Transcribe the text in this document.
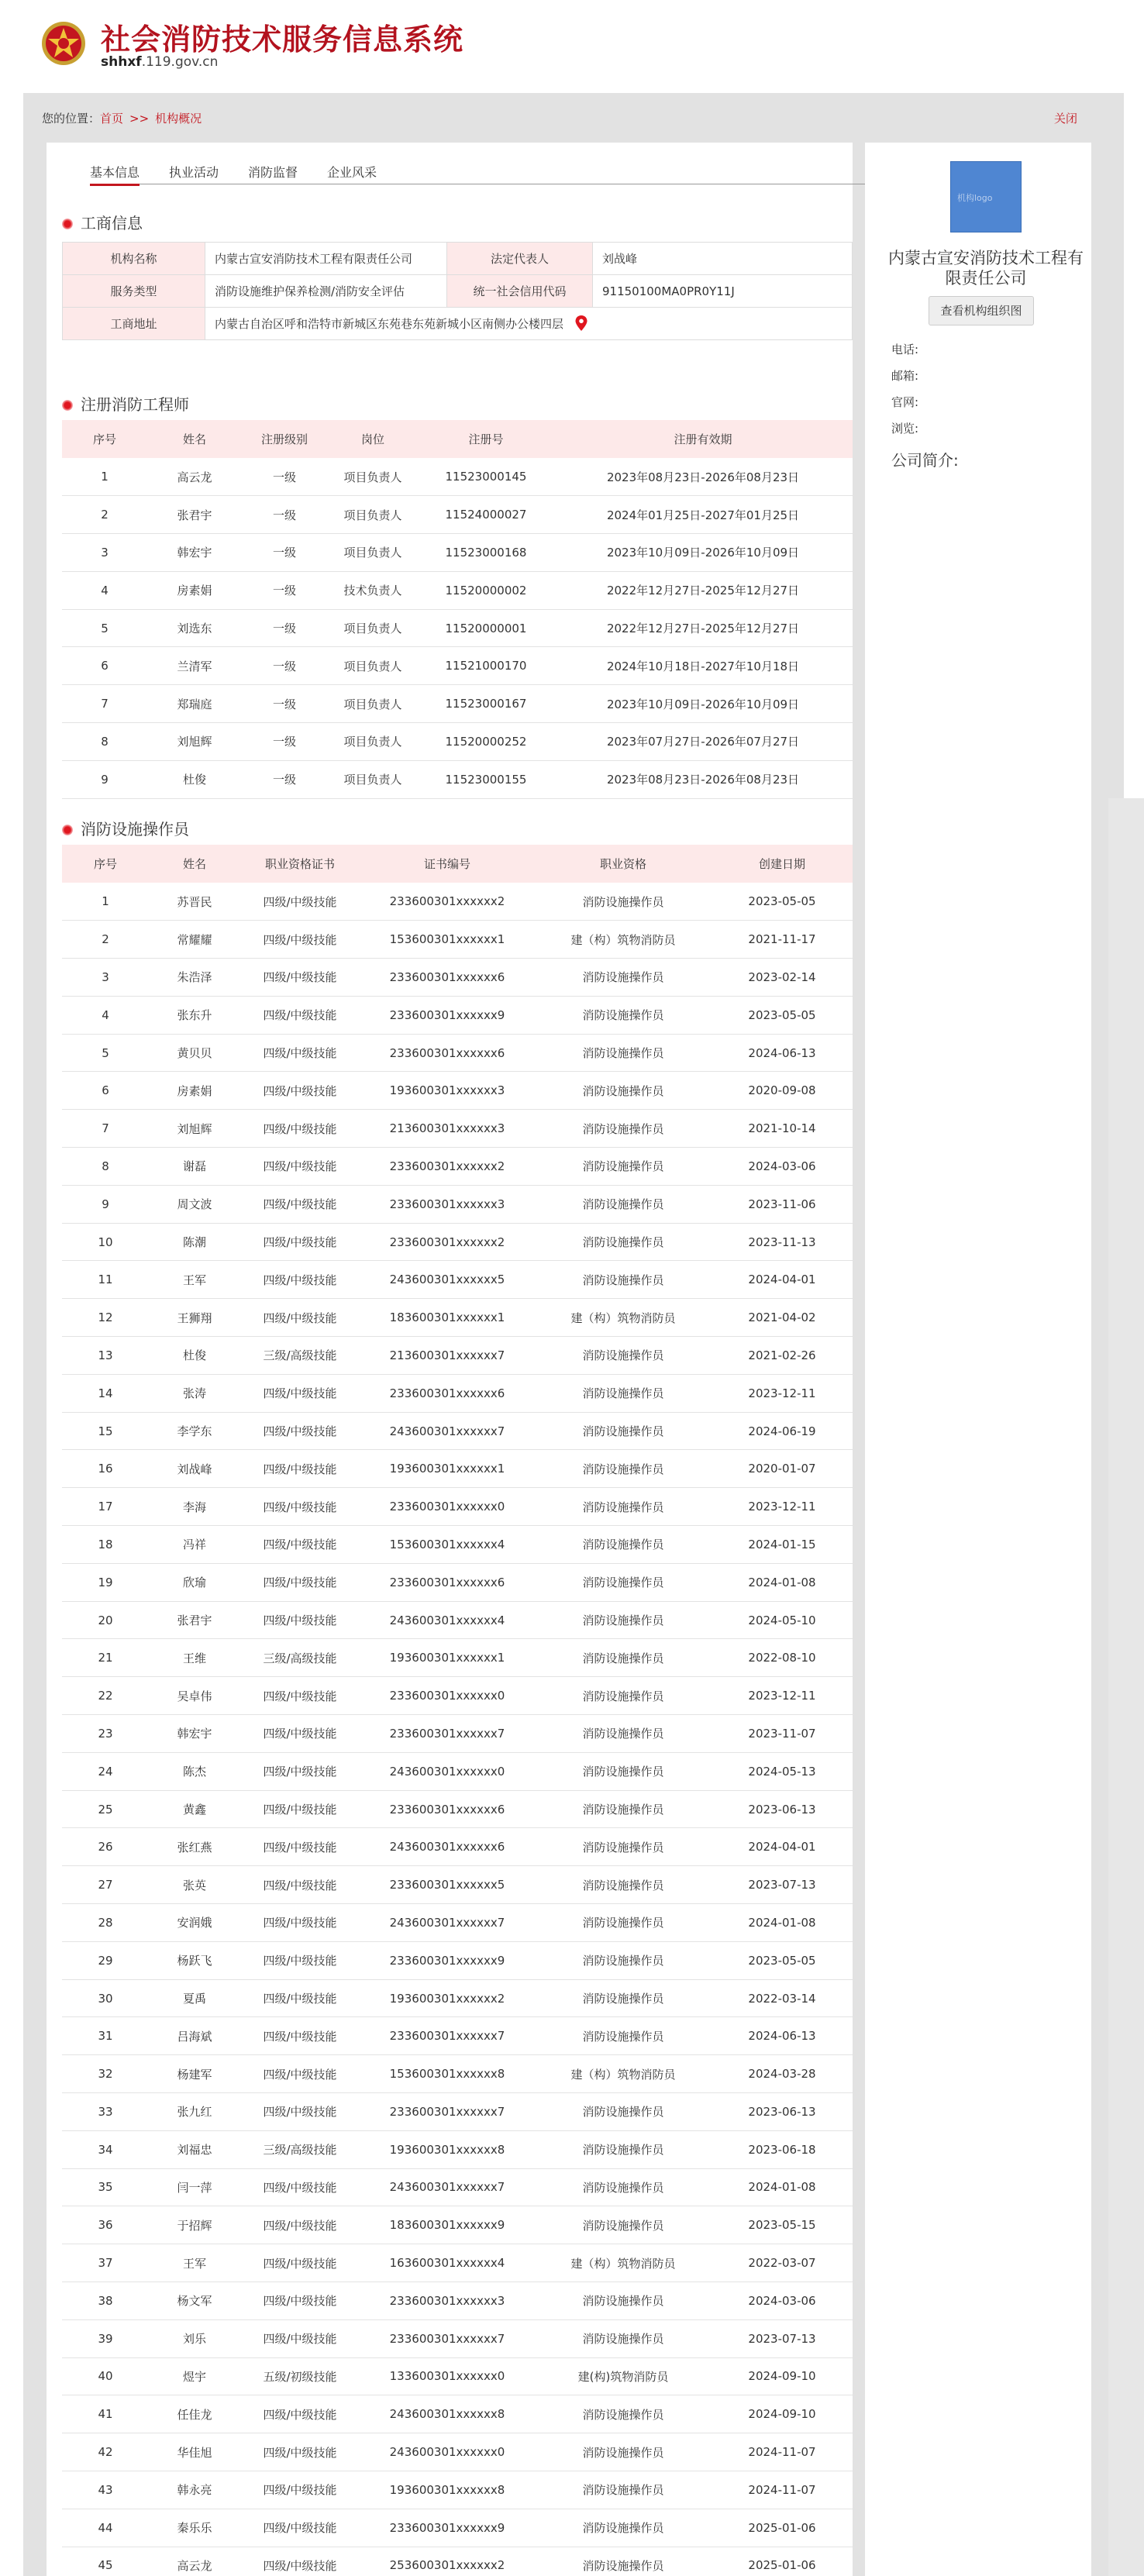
社会消防技术服务信息系统
shhxf.119.gov.cn
您的位置：首页 >> 机构概况	关闭
基本信息 执业活动 消防监督 企业风采
工商信息
机构名称	内蒙古宣安消防技术工程有限责任公司	法定代表人	刘战峰
服务类型	消防设施维护保养检测/消防安全评估	统一社会信用代码	91150100MA0PR0Y11J
工商地址	内蒙古自治区呼和浩特市新城区东苑巷东苑新城小区南侧办公楼四层		
注册消防工程师
序号	姓名	注册级别	岗位	注册号	注册有效期
1	高云龙	一级	项目负责人	11523000145	2023年08月23日-2026年08月23日
2	张君宇	一级	项目负责人	11524000027	2024年01月25日-2027年01月25日
3	韩宏宇	一级	项目负责人	11523000168	2023年10月09日-2026年10月09日
4	房素娟	一级	技术负责人	11520000002	2022年12月27日-2025年12月27日
5	刘选东	一级	项目负责人	11520000001	2022年12月27日-2025年12月27日
6	兰清军	一级	项目负责人	11521000170	2024年10月18日-2027年10月18日
7	郑瑞庭	一级	项目负责人	11523000167	2023年10月09日-2026年10月09日
8	刘旭辉	一级	项目负责人	11520000252	2023年07月27日-2026年07月27日
9	杜俊	一级	项目负责人	11523000155	2023年08月23日-2026年08月23日
消防设施操作员
序号	姓名	职业资格证书	证书编号	职业资格	创建日期
1	苏晋民	四级/中级技能	233600301xxxxxx2	消防设施操作员	2023-05-05
2	常耀耀	四级/中级技能	153600301xxxxxx1	建（构）筑物消防员	2021-11-17
3	朱浩泽	四级/中级技能	233600301xxxxxx6	消防设施操作员	2023-02-14
4	张东升	四级/中级技能	233600301xxxxxx9	消防设施操作员	2023-05-05
5	黄贝贝	四级/中级技能	233600301xxxxxx6	消防设施操作员	2024-06-13
6	房素娟	四级/中级技能	193600301xxxxxx3	消防设施操作员	2020-09-08
7	刘旭辉	四级/中级技能	213600301xxxxxx3	消防设施操作员	2021-10-14
8	谢磊	四级/中级技能	233600301xxxxxx2	消防设施操作员	2024-03-06
9	周文波	四级/中级技能	233600301xxxxxx3	消防设施操作员	2023-11-06
10	陈潮	四级/中级技能	233600301xxxxxx2	消防设施操作员	2023-11-13
11	王军	四级/中级技能	243600301xxxxxx5	消防设施操作员	2024-04-01
12	王狮翔	四级/中级技能	183600301xxxxxx1	建（构）筑物消防员	2021-04-02
13	杜俊	三级/高级技能	213600301xxxxxx7	消防设施操作员	2021-02-26
14	张涛	四级/中级技能	233600301xxxxxx6	消防设施操作员	2023-12-11
15	李学东	四级/中级技能	243600301xxxxxx7	消防设施操作员	2024-06-19
16	刘战峰	四级/中级技能	193600301xxxxxx1	消防设施操作员	2020-01-07
17	李海	四级/中级技能	233600301xxxxxx0	消防设施操作员	2023-12-11
18	冯祥	四级/中级技能	153600301xxxxxx4	消防设施操作员	2024-01-15
19	欣瑜	四级/中级技能	233600301xxxxxx6	消防设施操作员	2024-01-08
20	张君宇	四级/中级技能	243600301xxxxxx4	消防设施操作员	2024-05-10
21	王维	三级/高级技能	193600301xxxxxx1	消防设施操作员	2022-08-10
22	吴卓伟	四级/中级技能	233600301xxxxxx0	消防设施操作员	2023-12-11
23	韩宏宇	四级/中级技能	233600301xxxxxx7	消防设施操作员	2023-11-07
24	陈杰	四级/中级技能	243600301xxxxxx0	消防设施操作员	2024-05-13
25	黄鑫	四级/中级技能	233600301xxxxxx6	消防设施操作员	2023-06-13
26	张红燕	四级/中级技能	243600301xxxxxx6	消防设施操作员	2024-04-01
27	张英	四级/中级技能	233600301xxxxxx5	消防设施操作员	2023-07-13
28	安润娥	四级/中级技能	243600301xxxxxx7	消防设施操作员	2024-01-08
29	杨跃飞	四级/中级技能	233600301xxxxxx9	消防设施操作员	2023-05-05
30	夏禹	四级/中级技能	193600301xxxxxx2	消防设施操作员	2022-03-14
31	吕海斌	四级/中级技能	233600301xxxxxx7	消防设施操作员	2024-06-13
32	杨建军	四级/中级技能	153600301xxxxxx8	建（构）筑物消防员	2024-03-28
33	张九红	四级/中级技能	233600301xxxxxx7	消防设施操作员	2023-06-13
34	刘福忠	三级/高级技能	193600301xxxxxx8	消防设施操作员	2023-06-18
35	闫一萍	四级/中级技能	243600301xxxxxx7	消防设施操作员	2024-01-08
36	于招辉	四级/中级技能	183600301xxxxxx9	消防设施操作员	2023-05-15
37	王军	四级/中级技能	163600301xxxxxx4	建（构）筑物消防员	2022-03-07
38	杨文军	四级/中级技能	233600301xxxxxx3	消防设施操作员	2024-03-06
39	刘乐	四级/中级技能	233600301xxxxxx7	消防设施操作员	2023-07-13
40	煜宇	五级/初级技能	133600301xxxxxx0	建(构)筑物消防员	2024-09-10
41	任佳龙	四级/中级技能	243600301xxxxxx8	消防设施操作员	2024-09-10
42	华佳旭	四级/中级技能	243600301xxxxxx0	消防设施操作员	2024-11-07
43	韩永亮	四级/中级技能	193600301xxxxxx8	消防设施操作员	2024-11-07
44	秦乐乐	四级/中级技能	233600301xxxxxx9	消防设施操作员	2025-01-06
45	高云龙	四级/中级技能	253600301xxxxxx2	消防设施操作员	2025-01-06
机构logo
内蒙古宣安消防技术工程有限责任公司
查看机构组织图
电话:
邮箱:
官网:
浏览:
公司简介:
